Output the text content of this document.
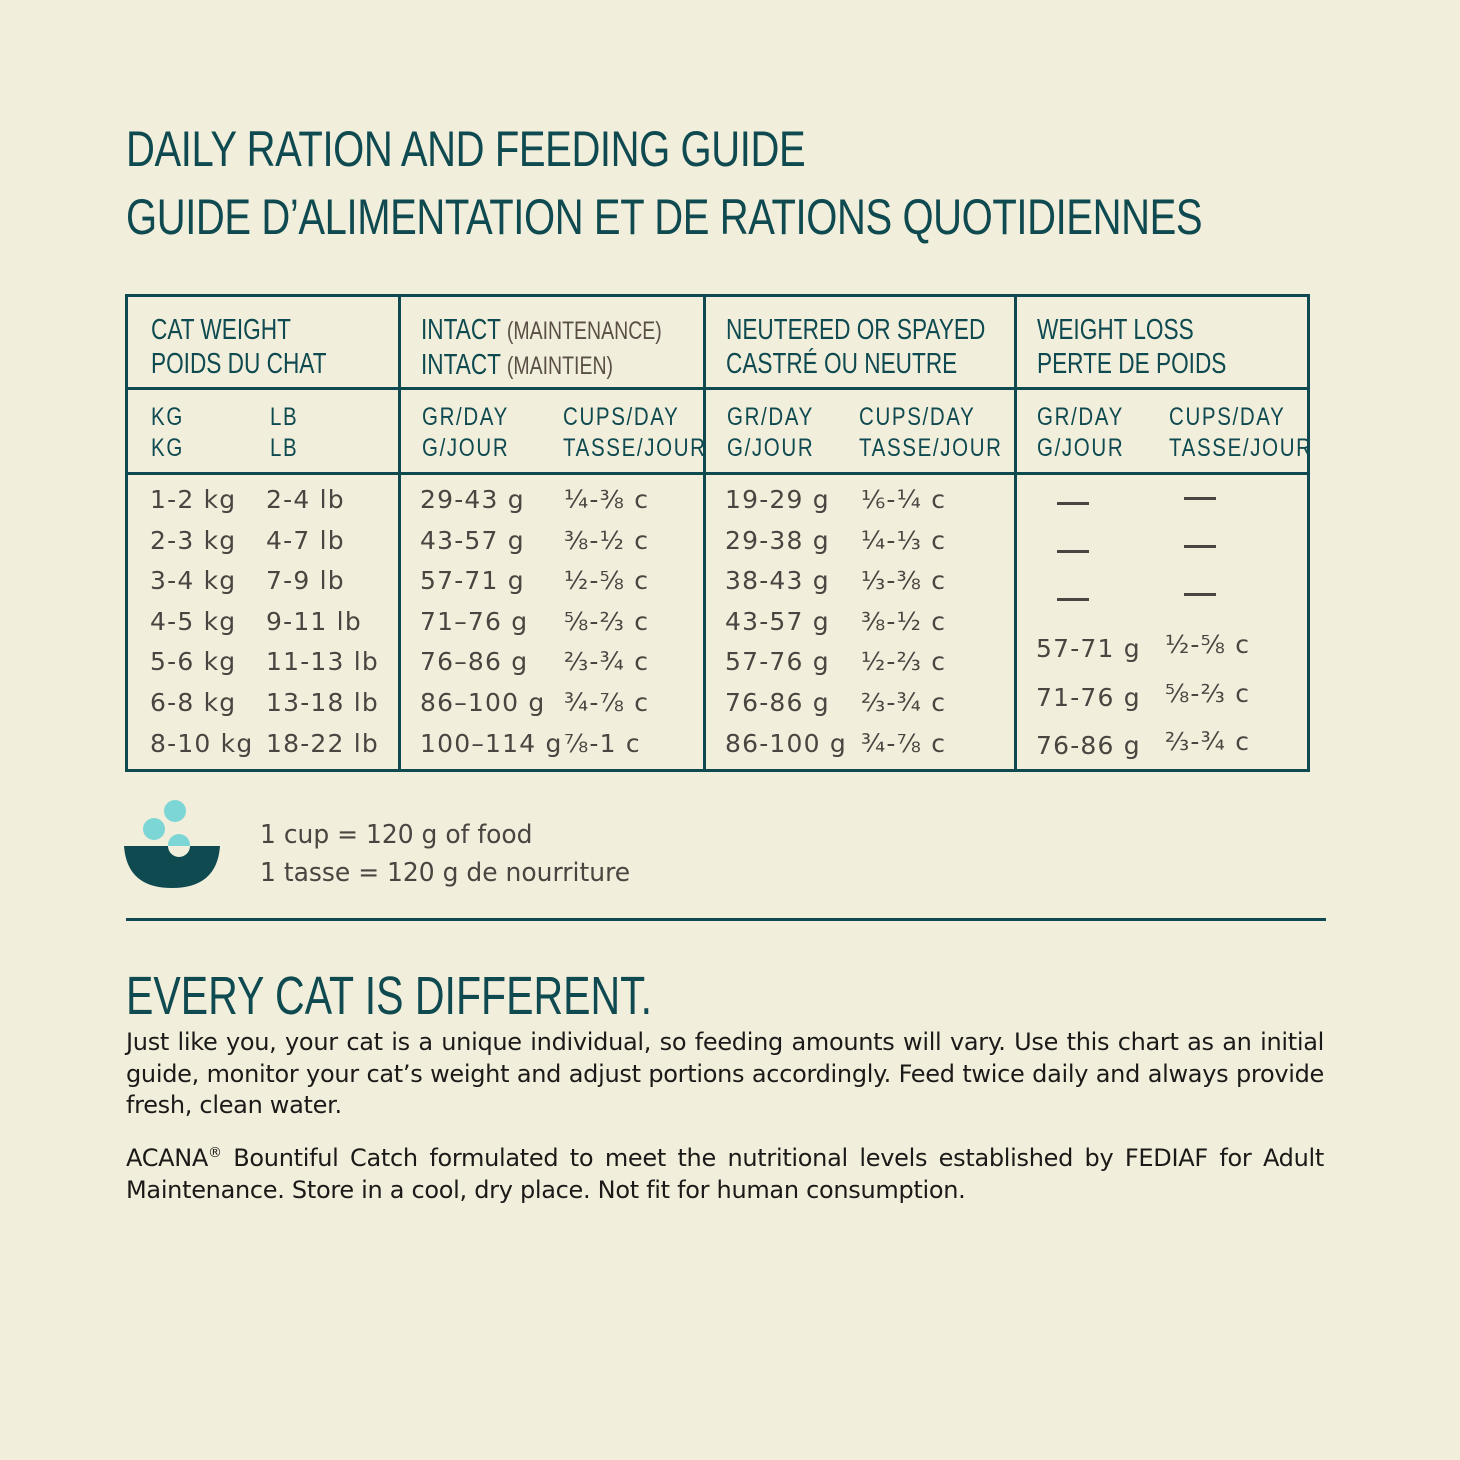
DAILY RATION AND FEEDING GUIDE
GUIDE D’ALIMENTATION ET DE RATIONS QUOTIDIENNES
CAT WEIGHT
POIDS DU CHAT
INTACT (MAINTENANCE)
INTACT (MAINTIEN)
NEUTERED OR SPAYED
CASTRÉ OU NEUTRE
WEIGHT LOSS
PERTE DE POIDS
KG
KG
LB
LB
GR/DAY
G/JOUR
CUPS/DAY
TASSE/JOUR
GR/DAY
G/JOUR
CUPS/DAY
TASSE/JOUR
GR/DAY
G/JOUR
CUPS/DAY
TASSE/JOUR
1-2 kg
2-3 kg
3-4 kg
4-5 kg
5-6 kg
6-8 kg
8-10 kg
2-4 lb
4-7 lb
7-9 lb
9-11 lb
11-13 lb
13-18 lb
18-22 lb
29-43 g
43-57 g
57-71 g
71–76 g
76–86 g
86–100 g
100–114 g
¼-⅜ c
⅜-½ c
½-⅝ c
⅝-⅔ c
⅔-¾ c
¾-⅞ c
⅞-1 c
19-29 g
29-38 g
38-43 g
43-57 g
57-76 g
76-86 g
86-100 g
⅙-¼ c
¼-⅓ c
⅓-⅜ c
⅜-½ c
½-⅔ c
⅔-¾ c
¾-⅞ c
57-71 g
71-76 g
76-86 g
½-⅝ c
⅝-⅔ c
⅔-¾ c
1 cup = 120 g of food
1 tasse = 120 g de nourriture
EVERY CAT IS DIFFERENT.

Just like you, your cat is a unique individual, so feeding amounts will vary. Use this chart as an initial guide, monitor your cat’s weight and adjust portions accordingly. Feed twice daily and always provide fresh, clean water.

ACANA® Bountiful Catch formulated to meet the nutritional levels established by FEDIAF for Adult Maintenance. Store in a cool, dry place. Not fit for human consumption.
